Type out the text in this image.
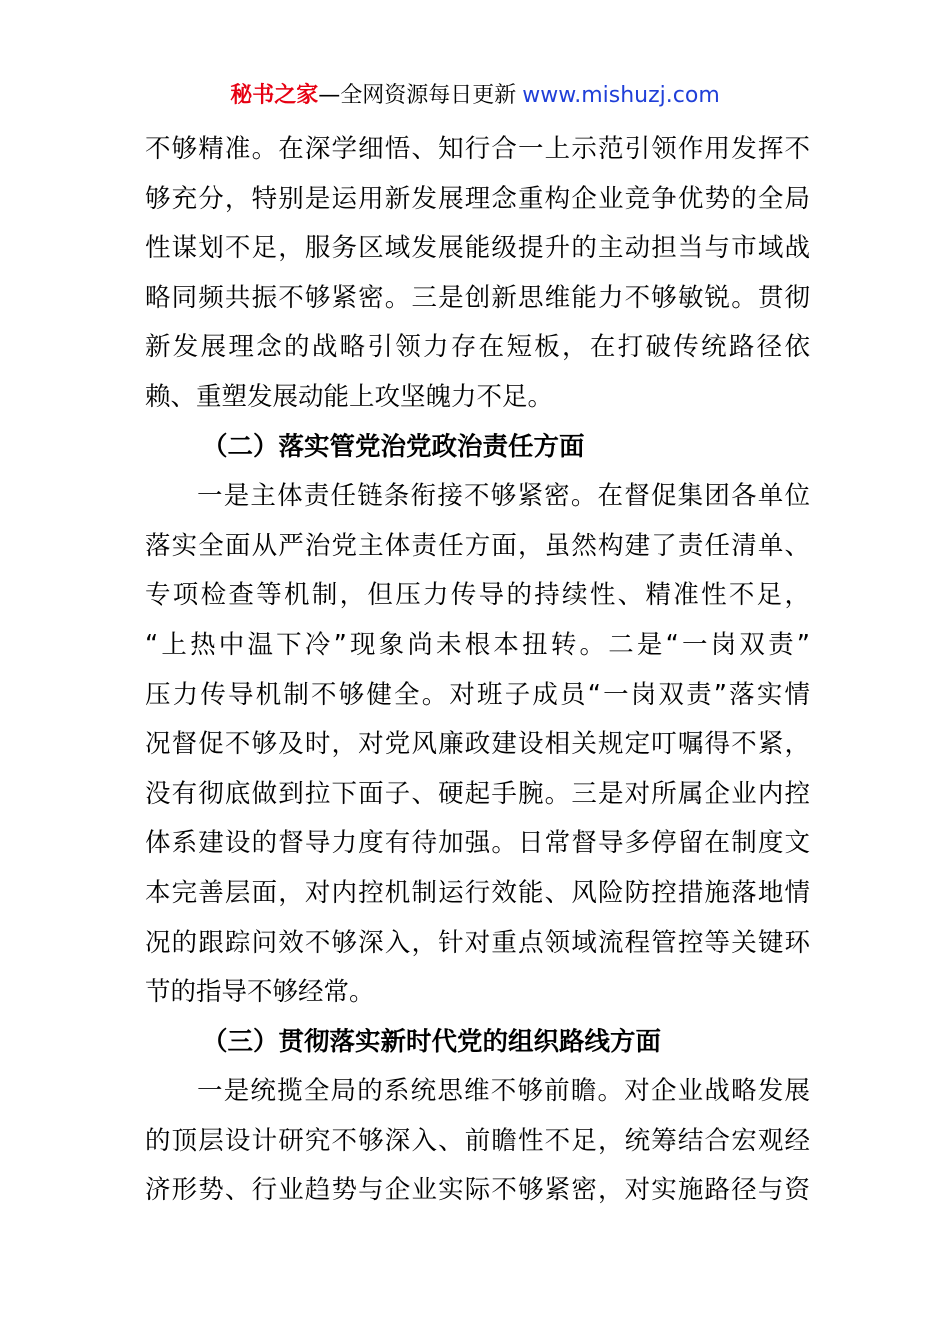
秘书之家—全网资源每日更新 www.mishuzj.com
不够精准。在深学细悟、知行合一上示范引领作用发挥不
够充分，特别是运用新发展理念重构企业竞争优势的全局
性谋划不足，服务区域发展能级提升的主动担当与市域战
略同频共振不够紧密。三是创新思维能力不够敏锐。贯彻
新发展理念的战略引领力存在短板，在打破传统路径依
赖、重塑发展动能上攻坚魄力不足。
（二）落实管党治党政治责任方面
一是主体责任链条衔接不够紧密。在督促集团各单位
落实全面从严治党主体责任方面，虽然构建了责任清单、
专项检查等机制，但压力传导的持续性、精准性不足，
“上热中温下冷”现象尚未根本扭转。二是“一岗双责”
压力传导机制不够健全。对班子成员“一岗双责”落实情
况督促不够及时，对党风廉政建设相关规定叮嘱得不紧，
没有彻底做到拉下面子、硬起手腕。三是对所属企业内控
体系建设的督导力度有待加强。日常督导多停留在制度文
本完善层面，对内控机制运行效能、风险防控措施落地情
况的跟踪问效不够深入，针对重点领域流程管控等关键环
节的指导不够经常。
（三）贯彻落实新时代党的组织路线方面
一是统揽全局的系统思维不够前瞻。对企业战略发展
的顶层设计研究不够深入、前瞻性不足，统筹结合宏观经
济形势、行业趋势与企业实际不够紧密，对实施路径与资
